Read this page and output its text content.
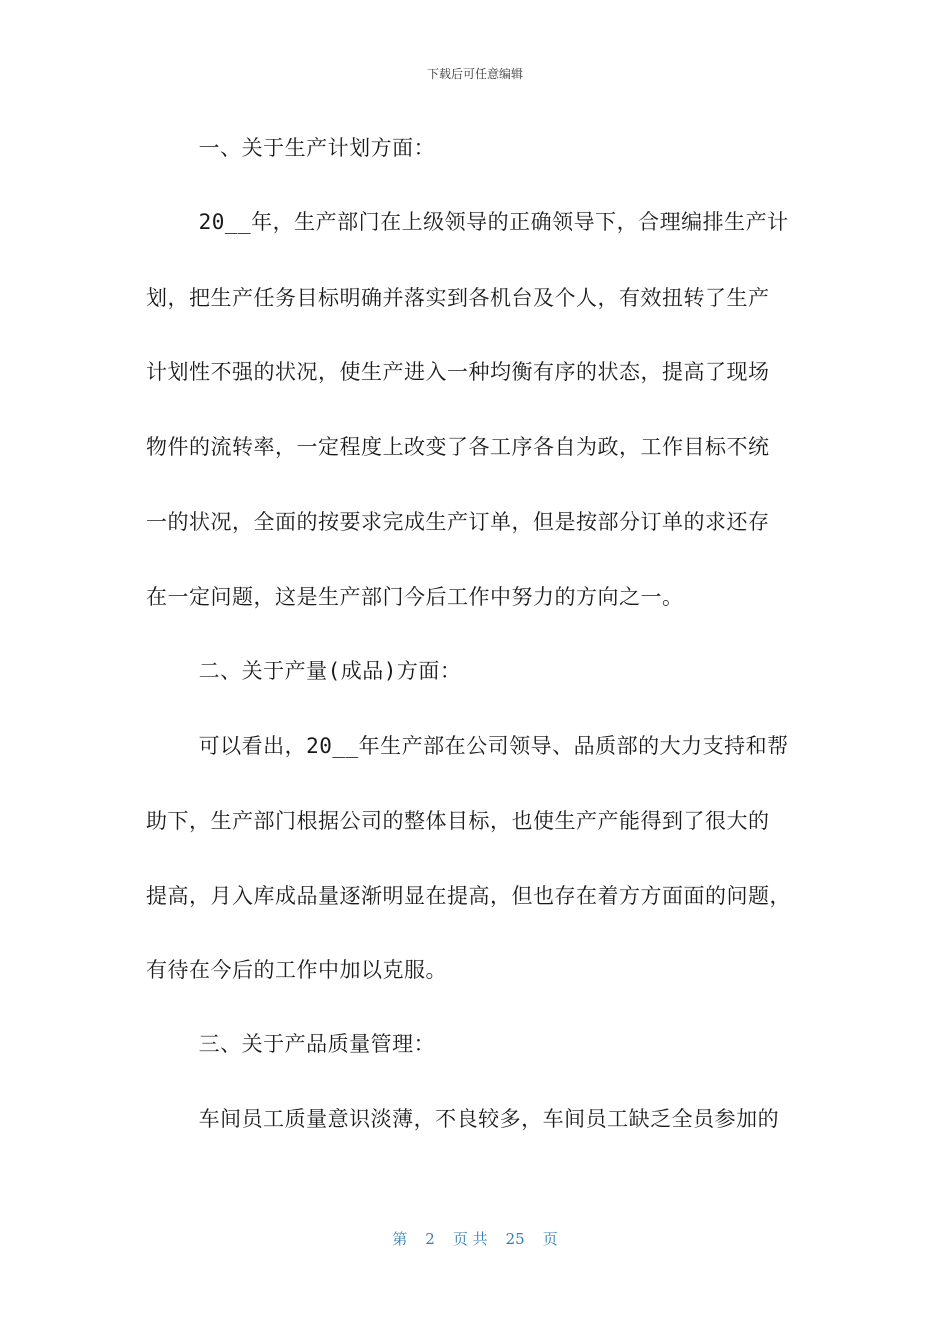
下载后可任意编辑

一、关于生产计划方面：

20__年，生产部门在上级领导的正确领导下，合理编排生产计

划，把生产任务目标明确并落实到各机台及个人，有效扭转了生产

计划性不强的状况，使生产进入一种均衡有序的状态，提高了现场

物件的流转率，一定程度上改变了各工序各自为政，工作目标不统

一的状况，全面的按要求完成生产订单，但是按部分订单的求还存

在一定问题，这是生产部门今后工作中努力的方向之一。

二、关于产量(成品)方面：

可以看出，20__年生产部在公司领导、品质部的大力支持和帮

助下，生产部门根据公司的整体目标，也使生产产能得到了很大的

提高，月入库成品量逐渐明显在提高，但也存在着方方面面的问题，

有待在今后的工作中加以克服。

三、关于产品质量管理：

车间员工质量意识淡薄，不良较多，车间员工缺乏全员参加的

第 2 页 共 25 页
